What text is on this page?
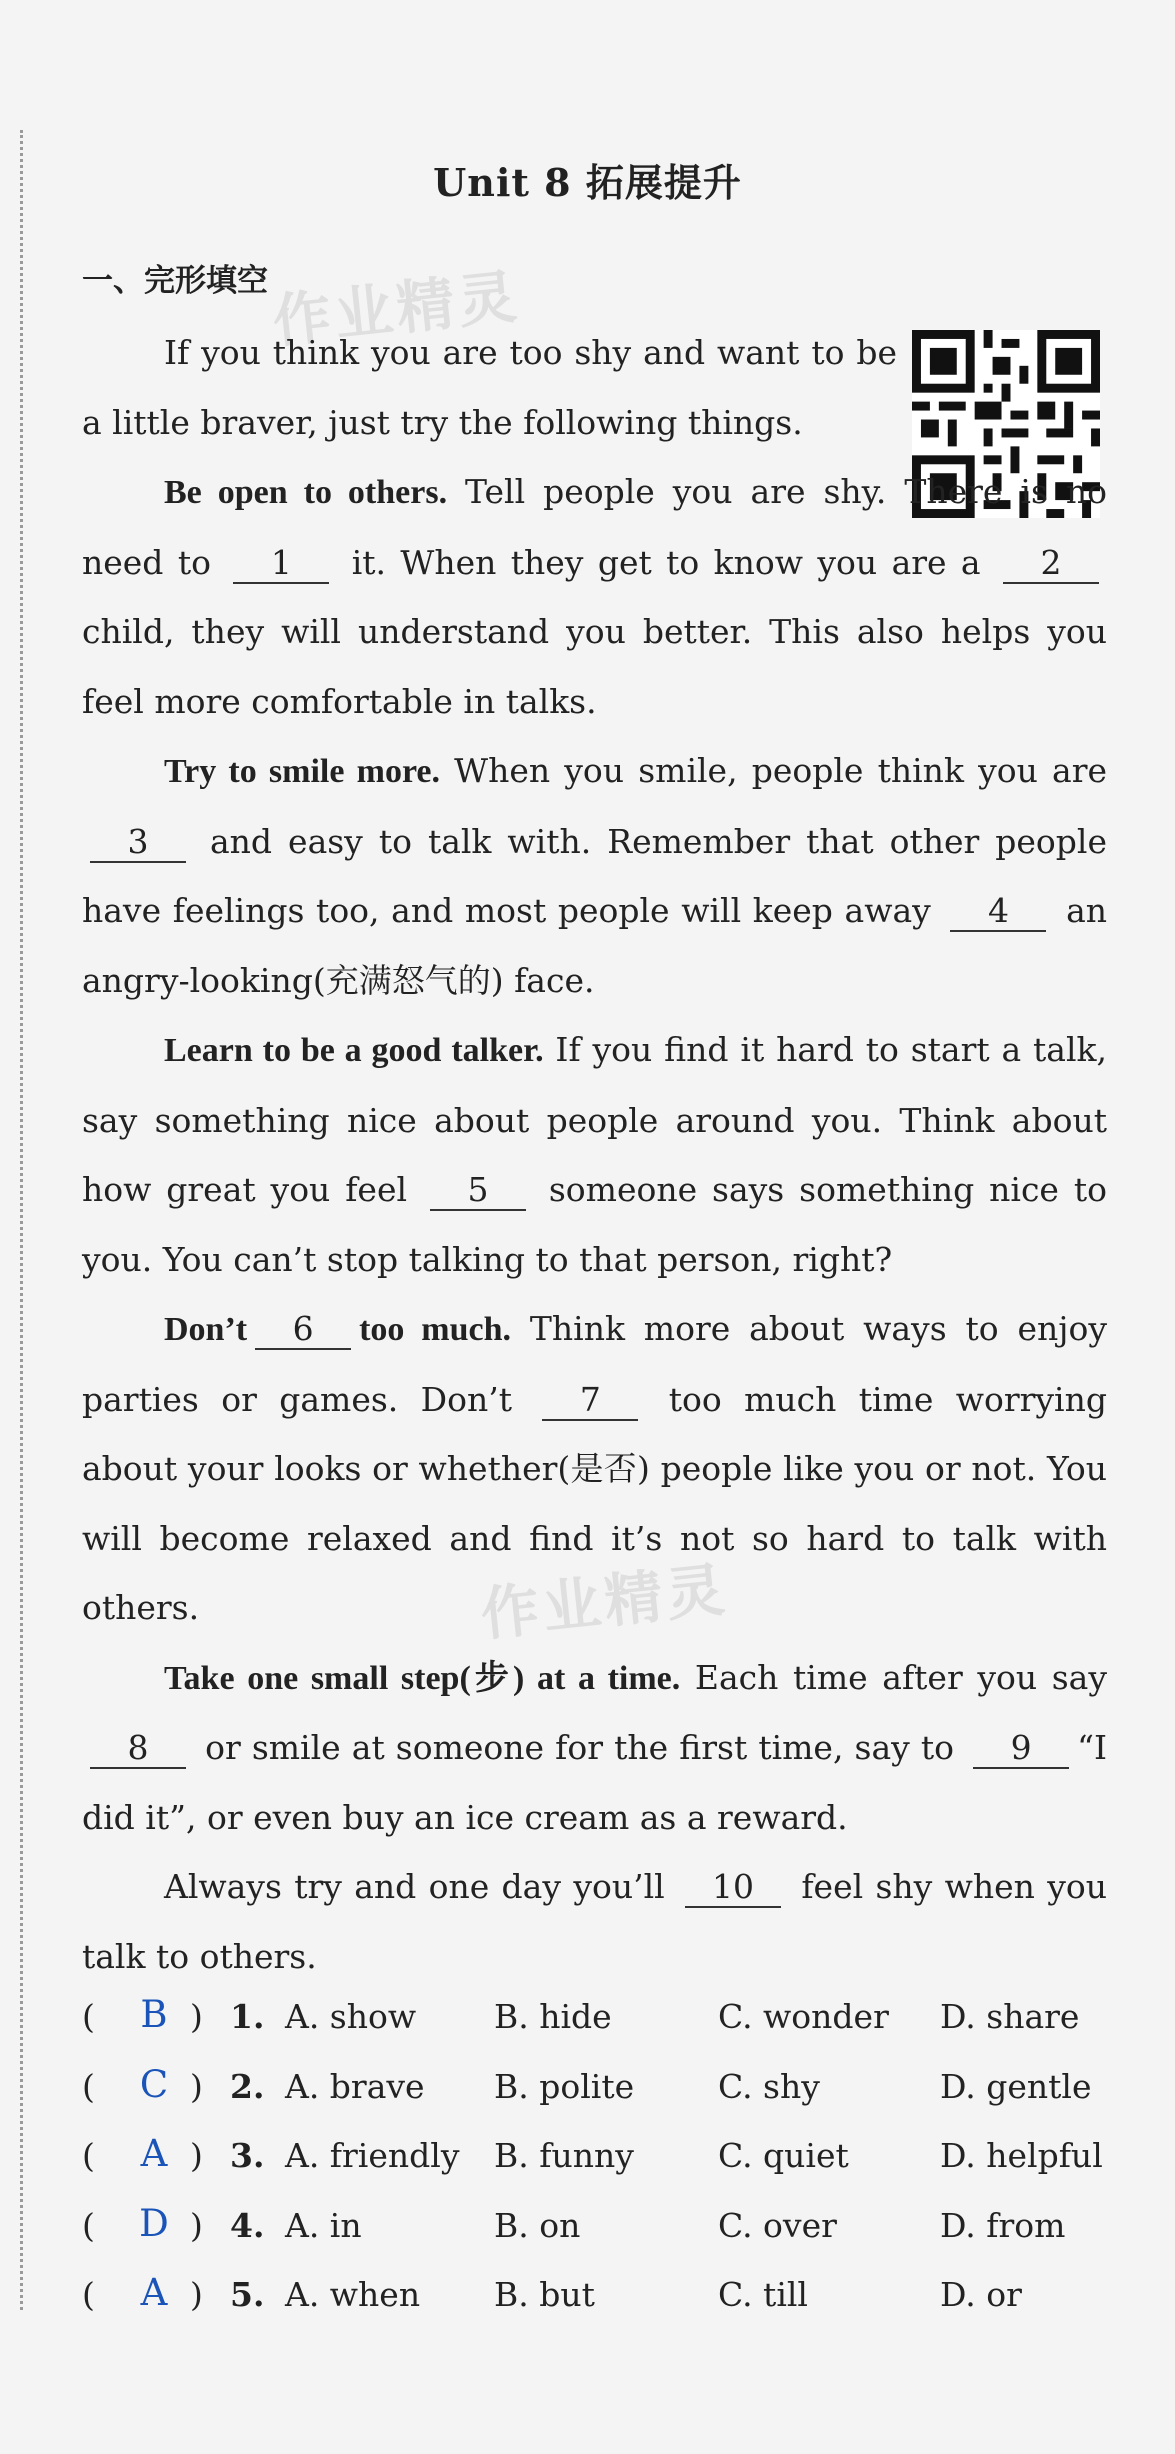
Unit 8 拓展提升
一、完形填空 作业精灵
作业精灵

If you think you are too shy and want to be a little braver, just try the following things.

Be open to others. Tell people you are shy. There is no need to 1 it. When they get to know you are a 2 child, they will understand you better. This also helps you feel more comfortable in talks.

Try to smile more. When you smile, people think you are 3 and easy to talk with. Remember that other people have feelings too, and most people will keep away 4 an angry-looking(充满怒气的) face.

Learn to be a good talker. If you find it hard to start a talk, say something nice about people around you. Think about how great you feel 5 someone says something nice to you. You can’t stop talking to that person, right?

Don’t 6 too much. Think more about ways to enjoy parties or games. Don’t 7 too much time worrying about your looks or whether(是否) people like you or not. You will become relaxed and find it’s not so hard to talk with others.

Take one small step(步) at a time. Each time after you say 8 or smile at someone for the first time, say to 9 “I did it”, or even buy an ice cream as a reward.

Always try and one day you’ll 10 feel shy when you talk to others.

(	B ) 1. A. show B. hide	C. wonder D. share
(	C ) 2. A. brave B. polite	C. shy	D. gentle
(	A ) 3. A. friendly B. funny	C. quiet	D. helpful
(	D ) 4. A. in	B. on	C. over	D. from
(	A ) 5. A. when B. but	C. till	D. or
